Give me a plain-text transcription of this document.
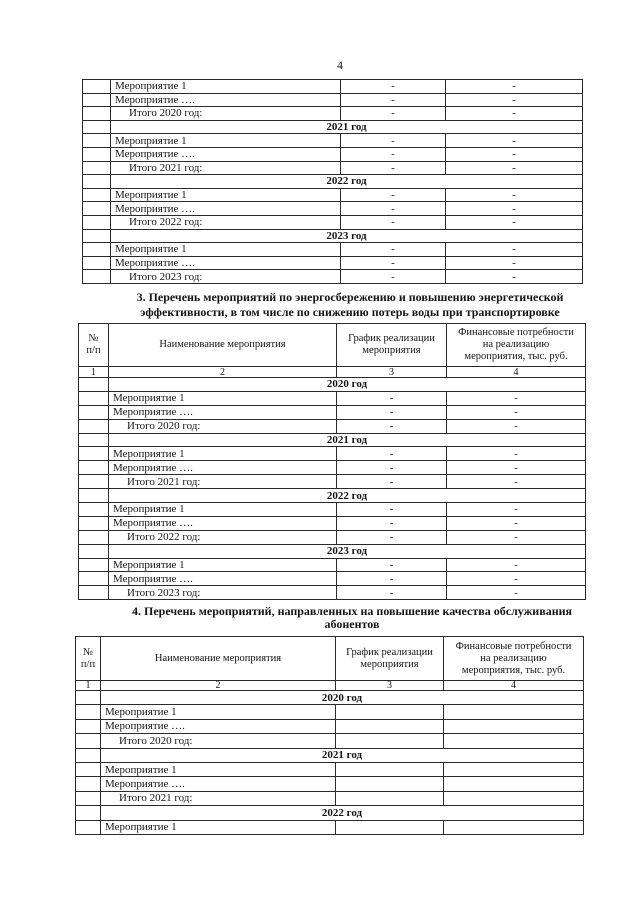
4
	Мероприятие 1	-	-
	Мероприятие ….	-	-
	Итого 2020 год:	-	-
	2021 год		
	Мероприятие 1	-	-
	Мероприятие ….	-	-
	Итого 2021 год:	-	-
	2022 год		
	Мероприятие 1	-	-
	Мероприятие ….	-	-
	Итого 2022 год:	-	-
	2023 год		
	Мероприятие 1	-	-
	Мероприятие ….	-	-
	Итого 2023 год:	-	-
3. Перечень мероприятий по энергосбережению и повышению энергетической
эффективности, в том числе по снижению потерь воды при транспортировке
№
п/п	Наименование мероприятия	График реализации
мероприятия	Финансовые потребности
на реализацию
мероприятия, тыс. руб.
1	2	3	4
	2020 год		
	Мероприятие 1	-	-
	Мероприятие ….	-	-
	Итого 2020 год:	-	-
	2021 год		
	Мероприятие 1	-	-
	Мероприятие ….	-	-
	Итого 2021 год:	-	-
	2022 год		
	Мероприятие 1	-	-
	Мероприятие ….	-	-
	Итого 2022 год:	-	-
	2023 год		
	Мероприятие 1	-	-
	Мероприятие ….	-	-
	Итого 2023 год:	-	-
4. Перечень мероприятий, направленных на повышение качества обслуживания
абонентов
№
п/п	Наименование мероприятия	График реализации
мероприятия	Финансовые потребности
на реализацию
мероприятия, тыс. руб.
1	2	3	4
	2020 год		
	Мероприятие 1		
	Мероприятие ….		
	Итого 2020 год:		
	2021 год		
	Мероприятие 1		
	Мероприятие ….		
	Итого 2021 год:		
	2022 год		
	Мероприятие 1		
